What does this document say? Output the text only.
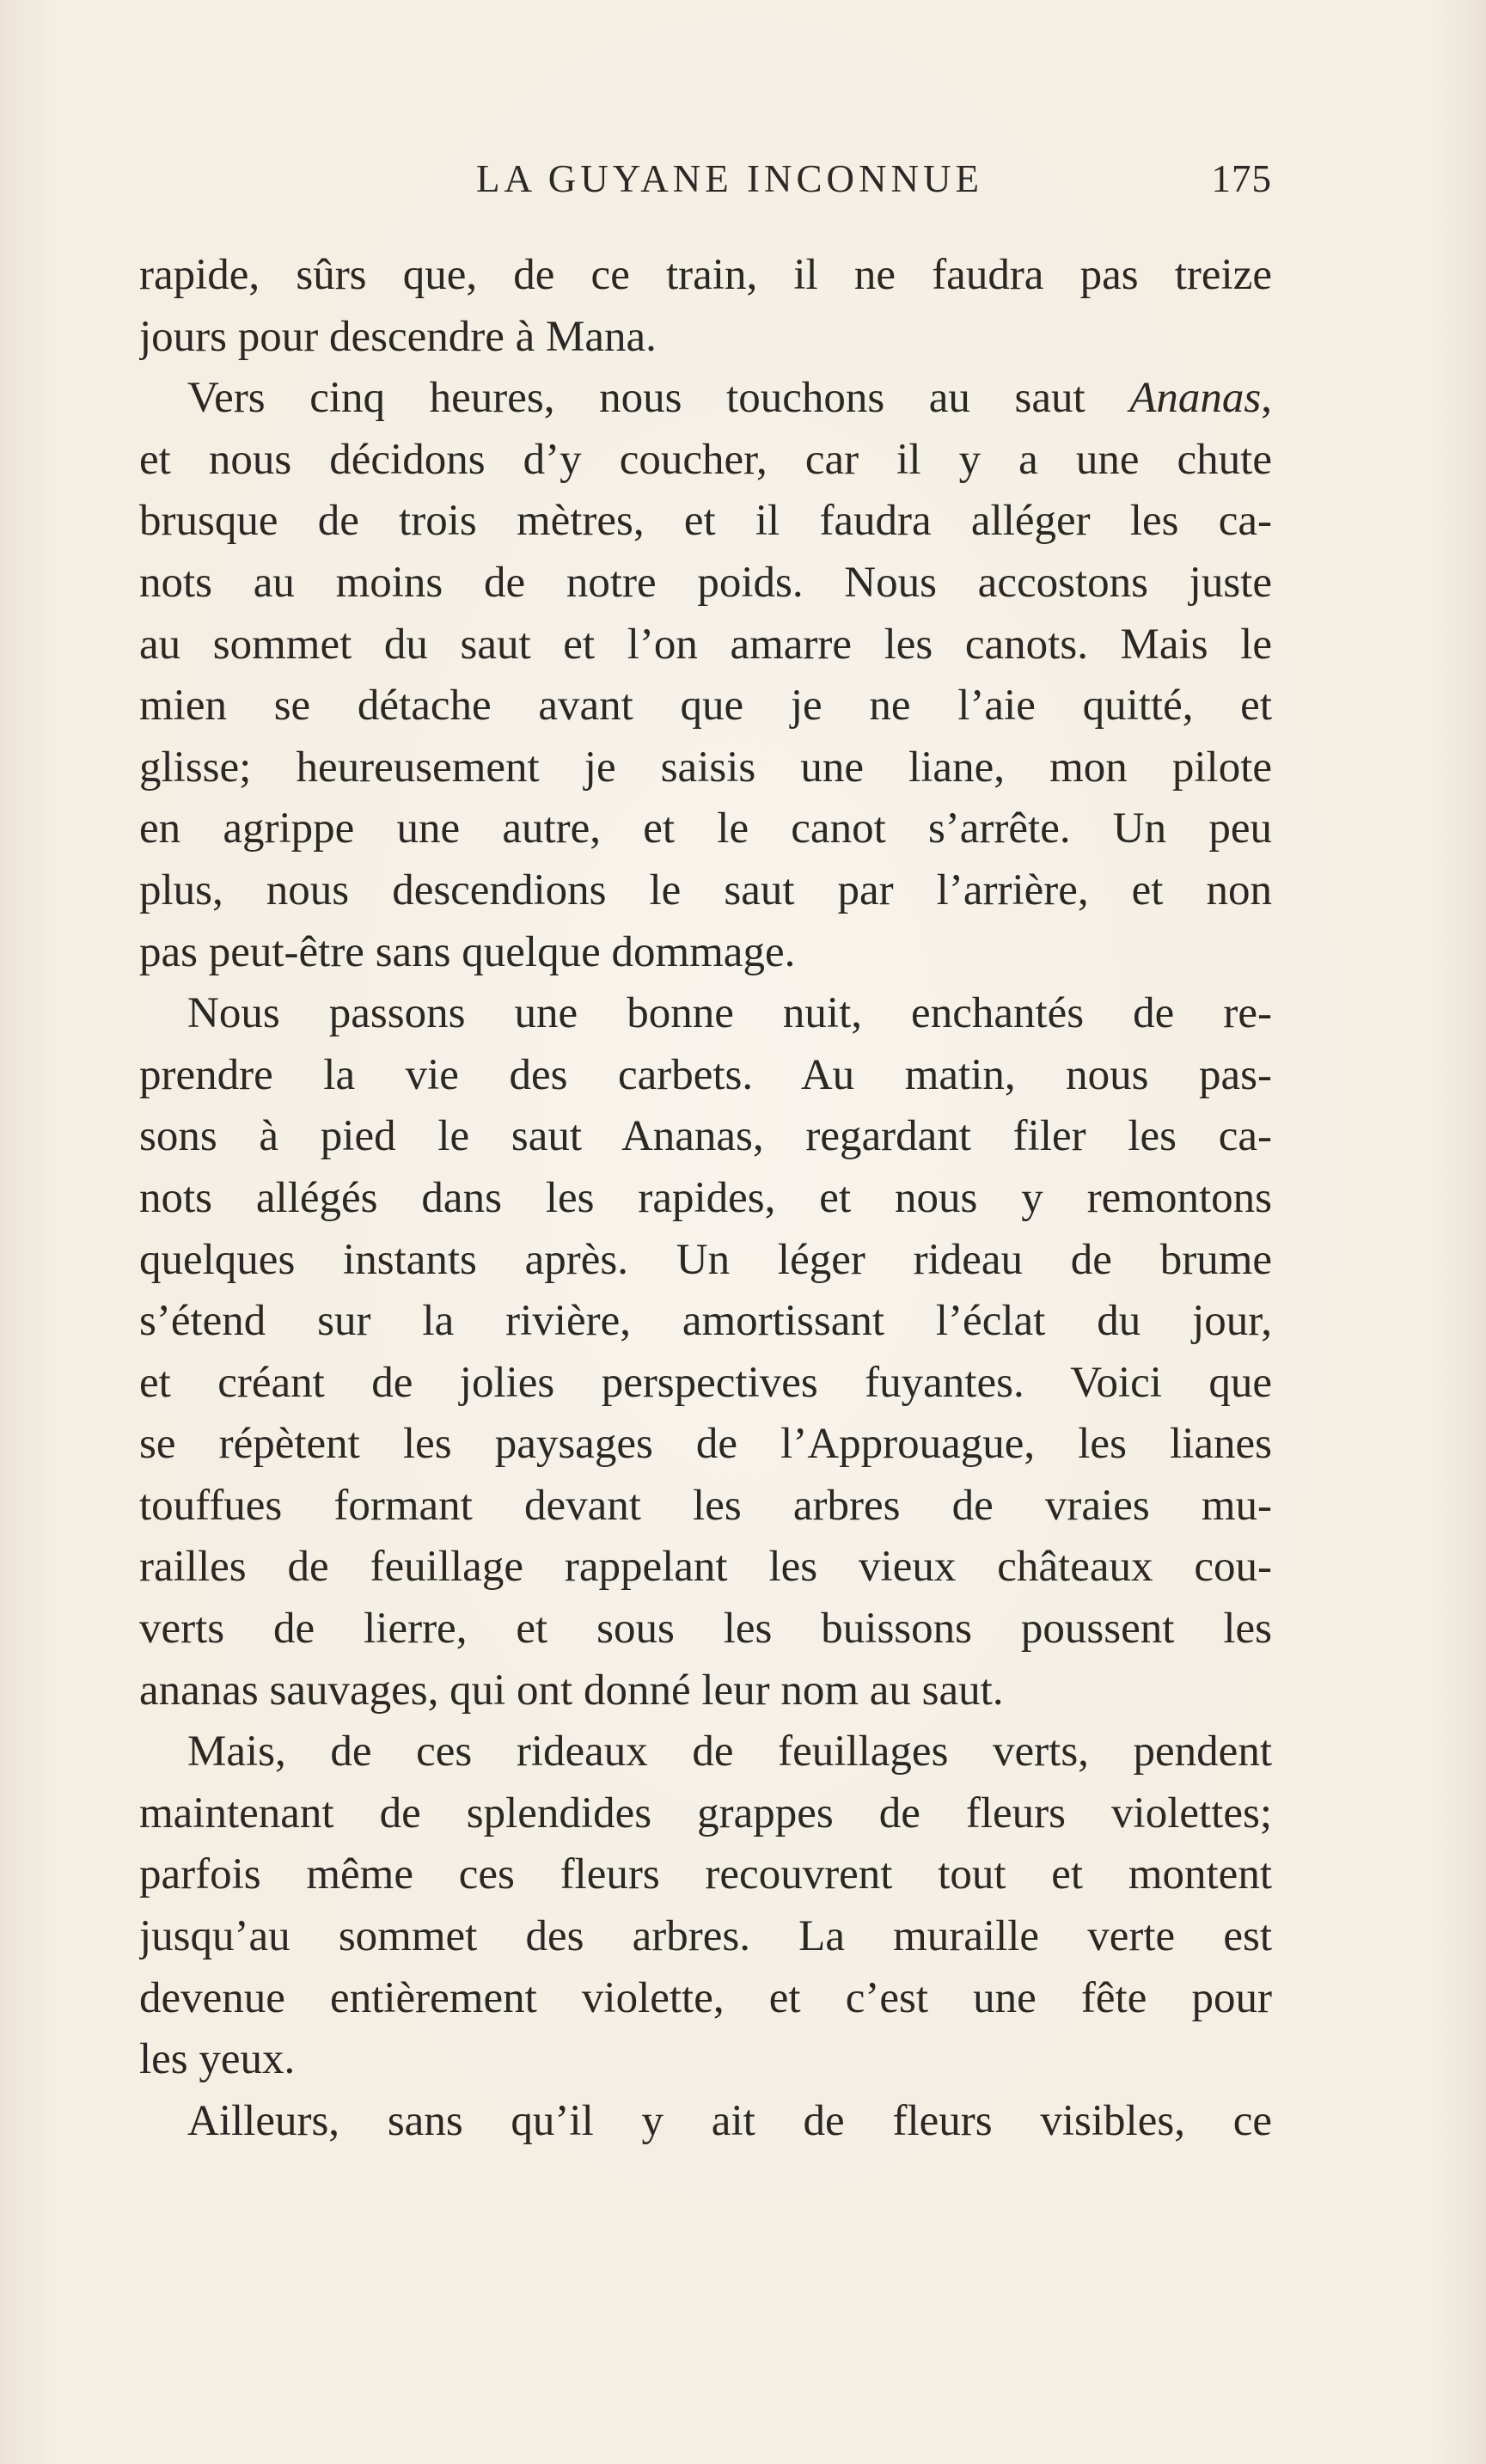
LA GUYANE INCONNUE	175
rapide, sûrs que, de ce train, il ne faudra pas treize
jours pour descendre à Mana.
Vers cinq heures, nous touchons au saut Ananas,
et nous décidons d’y coucher, car il y a une chute
brusque de trois mètres, et il faudra alléger les ca-
nots au moins de notre poids. Nous accostons juste
au sommet du saut et l’on amarre les canots. Mais le
mien se détache avant que je ne l’aie quitté, et
glisse; heureusement je saisis une liane, mon pilote
en agrippe une autre, et le canot s’arrête. Un peu
plus, nous descendions le saut par l’arrière, et non
pas peut-être sans quelque dommage.
Nous passons une bonne nuit, enchantés de re-
prendre la vie des carbets. Au matin, nous pas-
sons à pied le saut Ananas, regardant filer les ca-
nots allégés dans les rapides, et nous y remontons
quelques instants après. Un léger rideau de brume
s’étend sur la rivière, amortissant l’éclat du jour,
et créant de jolies perspectives fuyantes. Voici que
se répètent les paysages de l’Approuague, les lianes
touffues formant devant les arbres de vraies mu-
railles de feuillage rappelant les vieux châteaux cou-
verts de lierre, et sous les buissons poussent les
ananas sauvages, qui ont donné leur nom au saut.
Mais, de ces rideaux de feuillages verts, pendent
maintenant de splendides grappes de fleurs violettes;
parfois même ces fleurs recouvrent tout et montent
jusqu’au sommet des arbres. La muraille verte est
devenue entièrement violette, et c’est une fête pour
les yeux.
Ailleurs, sans qu’il y ait de fleurs visibles, ce
